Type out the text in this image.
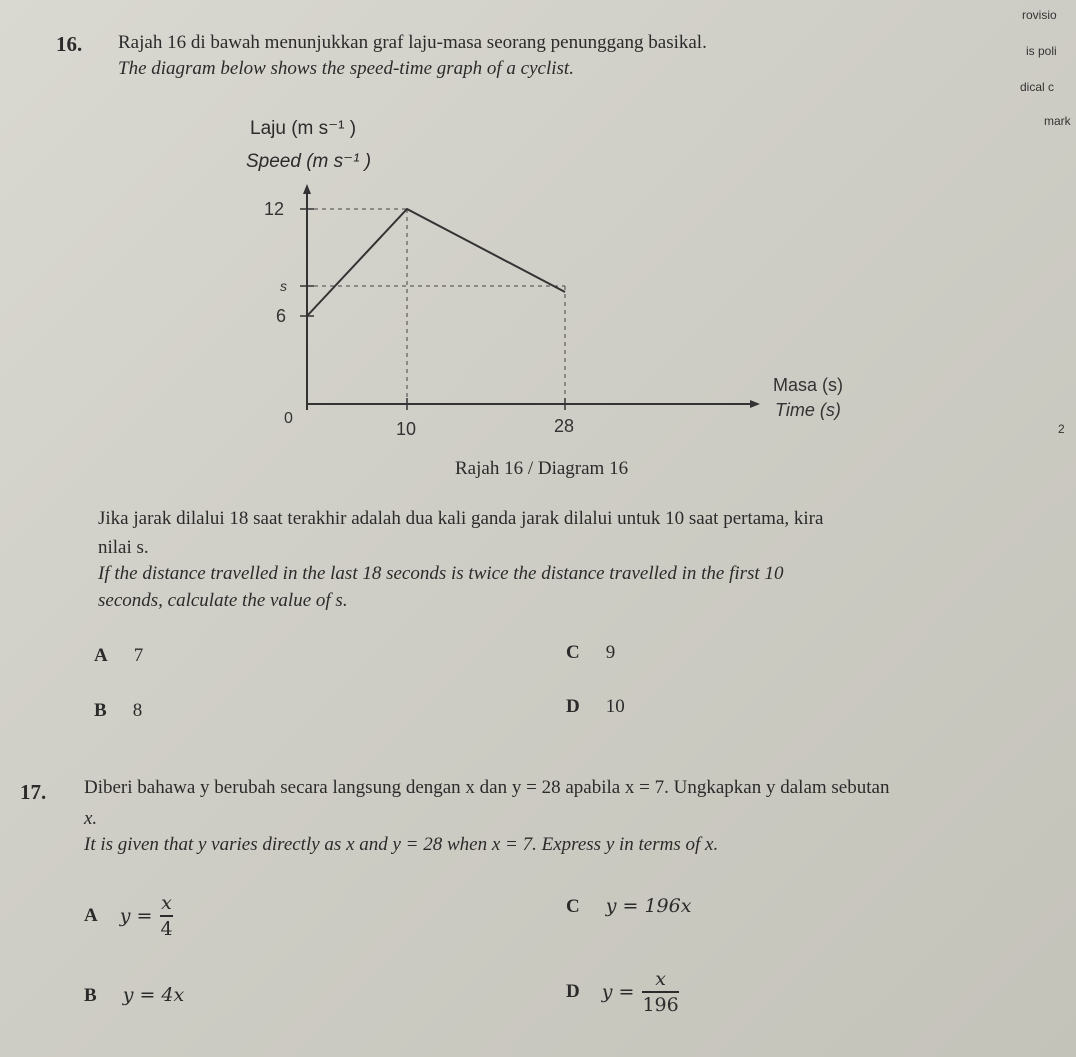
rovisio
is poli
dical c
mark
2
16. Rajah 16 di bawah menunjukkan graf laju-masa seorang penunggang basikal.
The diagram below shows the speed-time graph of a cyclist.
Laju (m s⁻¹ )
Speed (m s⁻¹ )
12
s
6
0
10	28
Masa (s)
Time (s)
Rajah 16 / Diagram 16
Jika jarak dilalui 18 saat terakhir adalah dua kali ganda jarak dilalui untuk 10 saat pertama, kira
nilai s.
If the distance travelled in the last 18 seconds is twice the distance travelled in the first 10
seconds, calculate the value of s.
A 7
B 8
C 9
D 10
17. Diberi bahawa y berubah secara langsung dengan x dan y = 28 apabila x = 7. Ungkapkan y dalam sebutan
x.
It is given that y varies directly as x and y = 28 when x = 7. Express y in terms of x.
A $y = \frac{x}{4}$
B y = 4x
C y = 196x
D $y = \frac{x}{196}$
